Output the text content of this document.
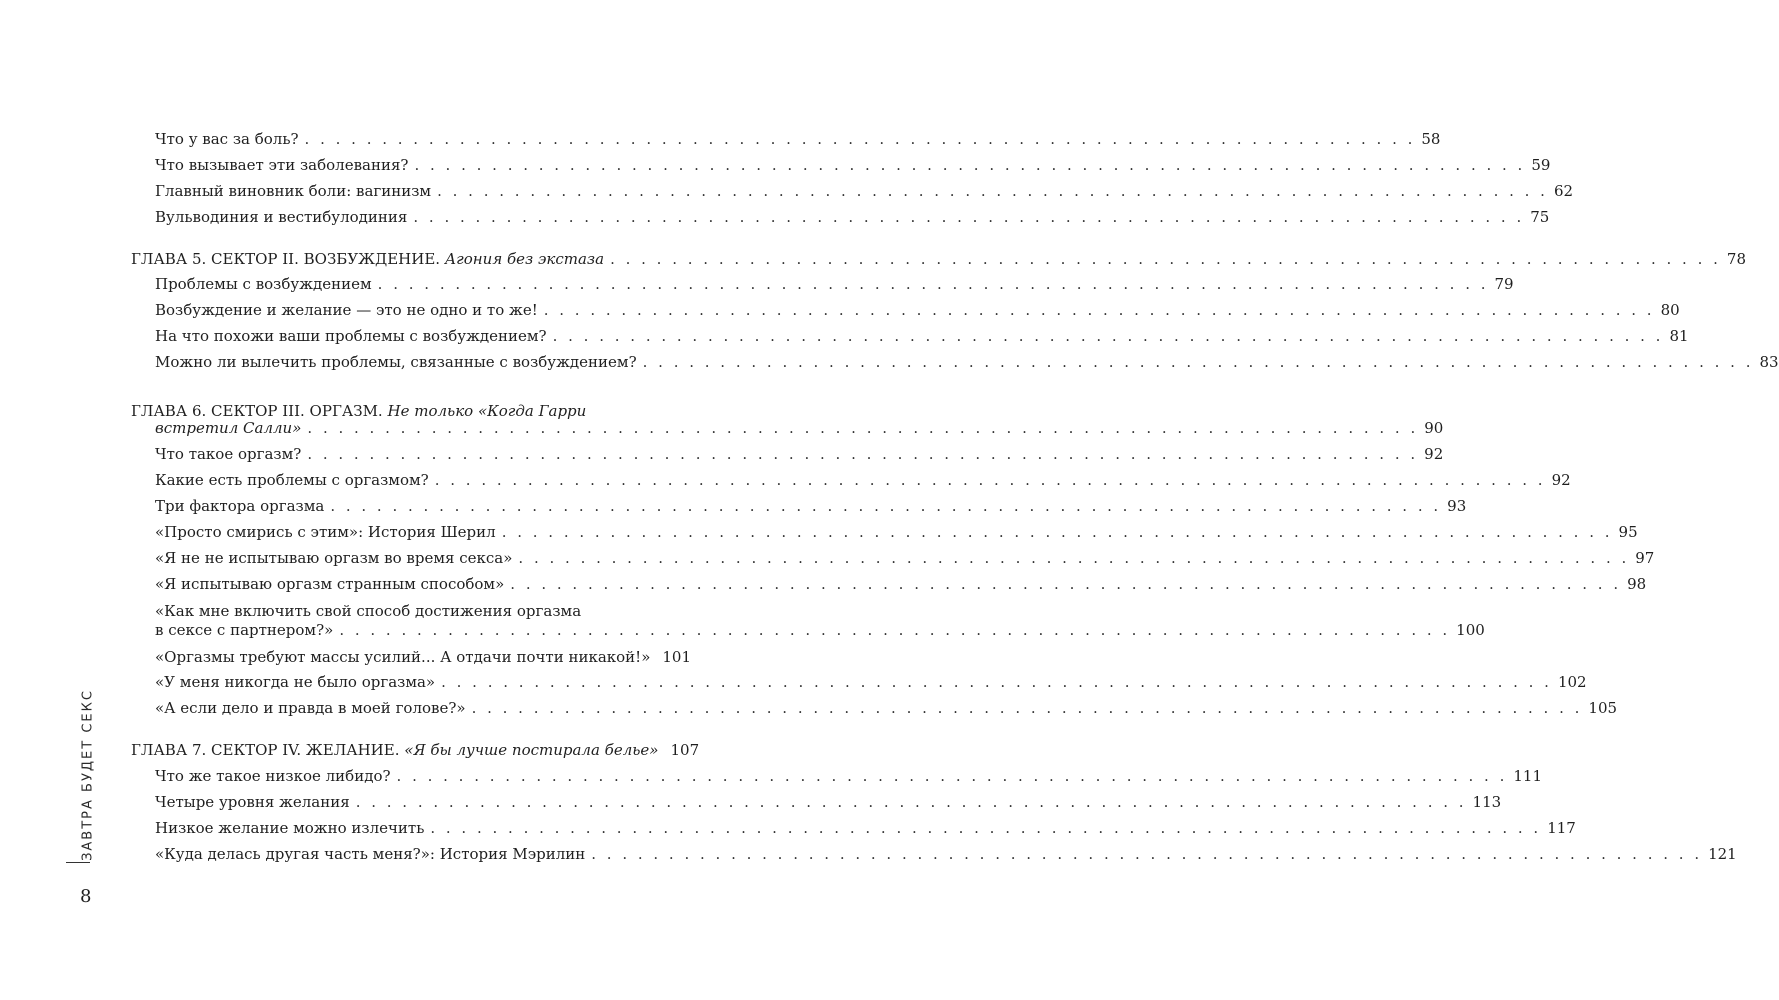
Что у вас за боль? . . . . . . . . . . . . . . . . . . . . . . . . . . . . . . . . . . . . . . . . . . . . . . . . . . . . . . . . . . . . . . . . . . . . . . . . 58
Что вызывает эти заболевания? . . . . . . . . . . . . . . . . . . . . . . . . . . . . . . . . . . . . . . . . . . . . . . . . . . . . . . . . . . . . . . . . . . . . . . . . 59
Главный виновник боли: вагинизм . . . . . . . . . . . . . . . . . . . . . . . . . . . . . . . . . . . . . . . . . . . . . . . . . . . . . . . . . . . . . . . . . . . . . . . . 62
Вульводиния и вестибулодиния . . . . . . . . . . . . . . . . . . . . . . . . . . . . . . . . . . . . . . . . . . . . . . . . . . . . . . . . . . . . . . . . . . . . . . . . 75
ГЛАВА 5. СЕКТОР II. ВОЗБУЖДЕНИЕ. Агония без экстаза . . . . . . . . . . . . . . . . . . . . . . . . . . . . . . . . . . . . . . . . . . . . . . . . . . . . . . . . . . . . . . . . . . . . . . . . 78
Проблемы с возбуждением . . . . . . . . . . . . . . . . . . . . . . . . . . . . . . . . . . . . . . . . . . . . . . . . . . . . . . . . . . . . . . . . . . . . . . . . 79
Возбуждение и желание — это не одно и то же! . . . . . . . . . . . . . . . . . . . . . . . . . . . . . . . . . . . . . . . . . . . . . . . . . . . . . . . . . . . . . . . . . . . . . . . . 80
На что похожи ваши проблемы с возбуждением? . . . . . . . . . . . . . . . . . . . . . . . . . . . . . . . . . . . . . . . . . . . . . . . . . . . . . . . . . . . . . . . . . . . . . . . . 81
Можно ли вылечить проблемы, связанные с возбуждением? . . . . . . . . . . . . . . . . . . . . . . . . . . . . . . . . . . . . . . . . . . . . . . . . . . . . . . . . . . . . . . . . . . . . . . . . 83
ГЛАВА 6. СЕКТОР III. ОРГАЗМ. Не только «Когда Гарри
встретил Салли» . . . . . . . . . . . . . . . . . . . . . . . . . . . . . . . . . . . . . . . . . . . . . . . . . . . . . . . . . . . . . . . . . . . . . . . . 90
Что такое оргазм? . . . . . . . . . . . . . . . . . . . . . . . . . . . . . . . . . . . . . . . . . . . . . . . . . . . . . . . . . . . . . . . . . . . . . . . . 92
Какие есть проблемы с оргазмом? . . . . . . . . . . . . . . . . . . . . . . . . . . . . . . . . . . . . . . . . . . . . . . . . . . . . . . . . . . . . . . . . . . . . . . . . 92
Три фактора оргазма . . . . . . . . . . . . . . . . . . . . . . . . . . . . . . . . . . . . . . . . . . . . . . . . . . . . . . . . . . . . . . . . . . . . . . . . 93
«Просто смирись с этим»: История Шерил . . . . . . . . . . . . . . . . . . . . . . . . . . . . . . . . . . . . . . . . . . . . . . . . . . . . . . . . . . . . . . . . . . . . . . . . 95
«Я не не испытываю оргазм во время секса» . . . . . . . . . . . . . . . . . . . . . . . . . . . . . . . . . . . . . . . . . . . . . . . . . . . . . . . . . . . . . . . . . . . . . . . . 97
«Я испытываю оргазм странным способом» . . . . . . . . . . . . . . . . . . . . . . . . . . . . . . . . . . . . . . . . . . . . . . . . . . . . . . . . . . . . . . . . . . . . . . . . 98
«Как мне включить свой способ достижения оргазма
в сексе с партнером?» . . . . . . . . . . . . . . . . . . . . . . . . . . . . . . . . . . . . . . . . . . . . . . . . . . . . . . . . . . . . . . . . . . . . . . . . 100
«Оргазмы требуют массы усилий... А отдачи почти никакой!» 101
«У меня никогда не было оргазма» . . . . . . . . . . . . . . . . . . . . . . . . . . . . . . . . . . . . . . . . . . . . . . . . . . . . . . . . . . . . . . . . . . . . . . . . 102
«А если дело и правда в моей голове?» . . . . . . . . . . . . . . . . . . . . . . . . . . . . . . . . . . . . . . . . . . . . . . . . . . . . . . . . . . . . . . . . . . . . . . . . 105
ГЛАВА 7. СЕКТОР IV. ЖЕЛАНИЕ. «Я бы лучше постирала белье» 107
Что же такое низкое либидо? . . . . . . . . . . . . . . . . . . . . . . . . . . . . . . . . . . . . . . . . . . . . . . . . . . . . . . . . . . . . . . . . . . . . . . . . 111
Четыре уровня желания . . . . . . . . . . . . . . . . . . . . . . . . . . . . . . . . . . . . . . . . . . . . . . . . . . . . . . . . . . . . . . . . . . . . . . . . 113
Низкое желание можно излечить . . . . . . . . . . . . . . . . . . . . . . . . . . . . . . . . . . . . . . . . . . . . . . . . . . . . . . . . . . . . . . . . . . . . . . . . 117
«Куда делась другая часть меня?»: История Мэрилин . . . . . . . . . . . . . . . . . . . . . . . . . . . . . . . . . . . . . . . . . . . . . . . . . . . . . . . . . . . . . . . . . . . . . . . . 121
ЗАВТРА БУДЕТ СЕКС
8
